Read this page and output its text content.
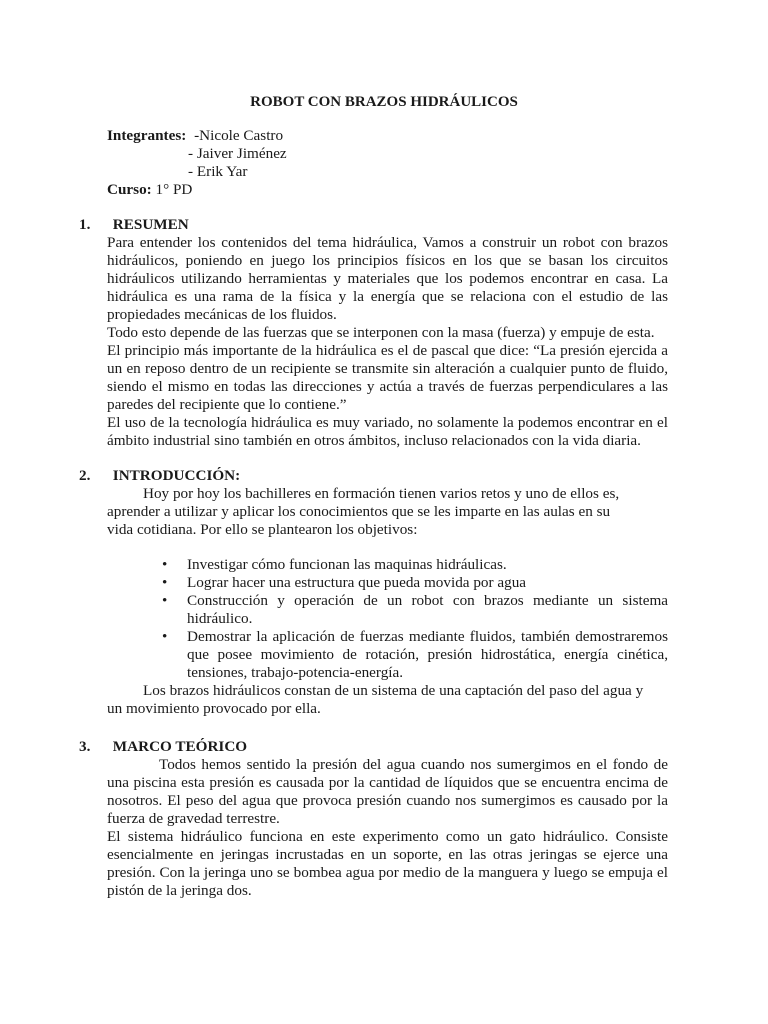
ROBOT CON BRAZOS HIDRÁULICOS
Integrantes: -Nicole Castro
- Jaiver Jiménez
- Erik Yar
Curso: 1° PD
1. RESUMEN

Para entender los contenidos del tema hidráulica, Vamos a construir un robot con brazos hidráulicos, poniendo en juego los principios físicos en los que se basan los circuitos hidráulicos utilizando herramientas y materiales que los podemos encontrar en casa. La hidráulica es una rama de la física y la energía que se relaciona con el estudio de las propiedades mecánicas de los fluidos.

Todo esto depende de las fuerzas que se interponen con la masa (fuerza) y empuje de esta.

El principio más importante de la hidráulica es el de pascal que dice: “La presión ejercida a un en reposo dentro de un recipiente se transmite sin alteración a cualquier punto de fluido, siendo el mismo en todas las direcciones y actúa a través de fuerzas perpendiculares a las paredes del recipiente que lo contiene.”

El uso de la tecnología hidráulica es muy variado, no solamente la podemos encontrar en el ámbito industrial sino también en otros ámbitos, incluso relacionados con la vida diaria.

2. INTRODUCCIÓN:

Hoy por hoy los bachilleres en formación tienen varios retos y uno de ellos es, aprender a utilizar y aplicar los conocimientos que se les imparte en las aulas en su vida cotidiana. Por ello se plantearon los objetivos:

• Investigar cómo funcionan las maquinas hidráulicas.
• Lograr hacer una estructura que pueda movida por agua
• Construcción y operación de un robot con brazos mediante un sistema hidráulico.
• Demostrar la aplicación de fuerzas mediante fluidos, también demostraremos que posee movimiento de rotación, presión hidrostática, energía cinética, tensiones, trabajo-potencia-energía.

Los brazos hidráulicos constan de un sistema de una captación del paso del agua y un movimiento provocado por ella.

3. MARCO TEÓRICO

Todos hemos sentido la presión del agua cuando nos sumergimos en el fondo de una piscina esta presión es causada por la cantidad de líquidos que se encuentra encima de nosotros. El peso del agua que provoca presión cuando nos sumergimos es causado por la fuerza de gravedad terrestre.

El sistema hidráulico funciona en este experimento como un gato hidráulico. Consiste esencialmente en jeringas incrustadas en un soporte, en las otras jeringas se ejerce una presión. Con la jeringa uno se bombea agua por medio de la manguera y luego se empuja el pistón de la jeringa dos.
